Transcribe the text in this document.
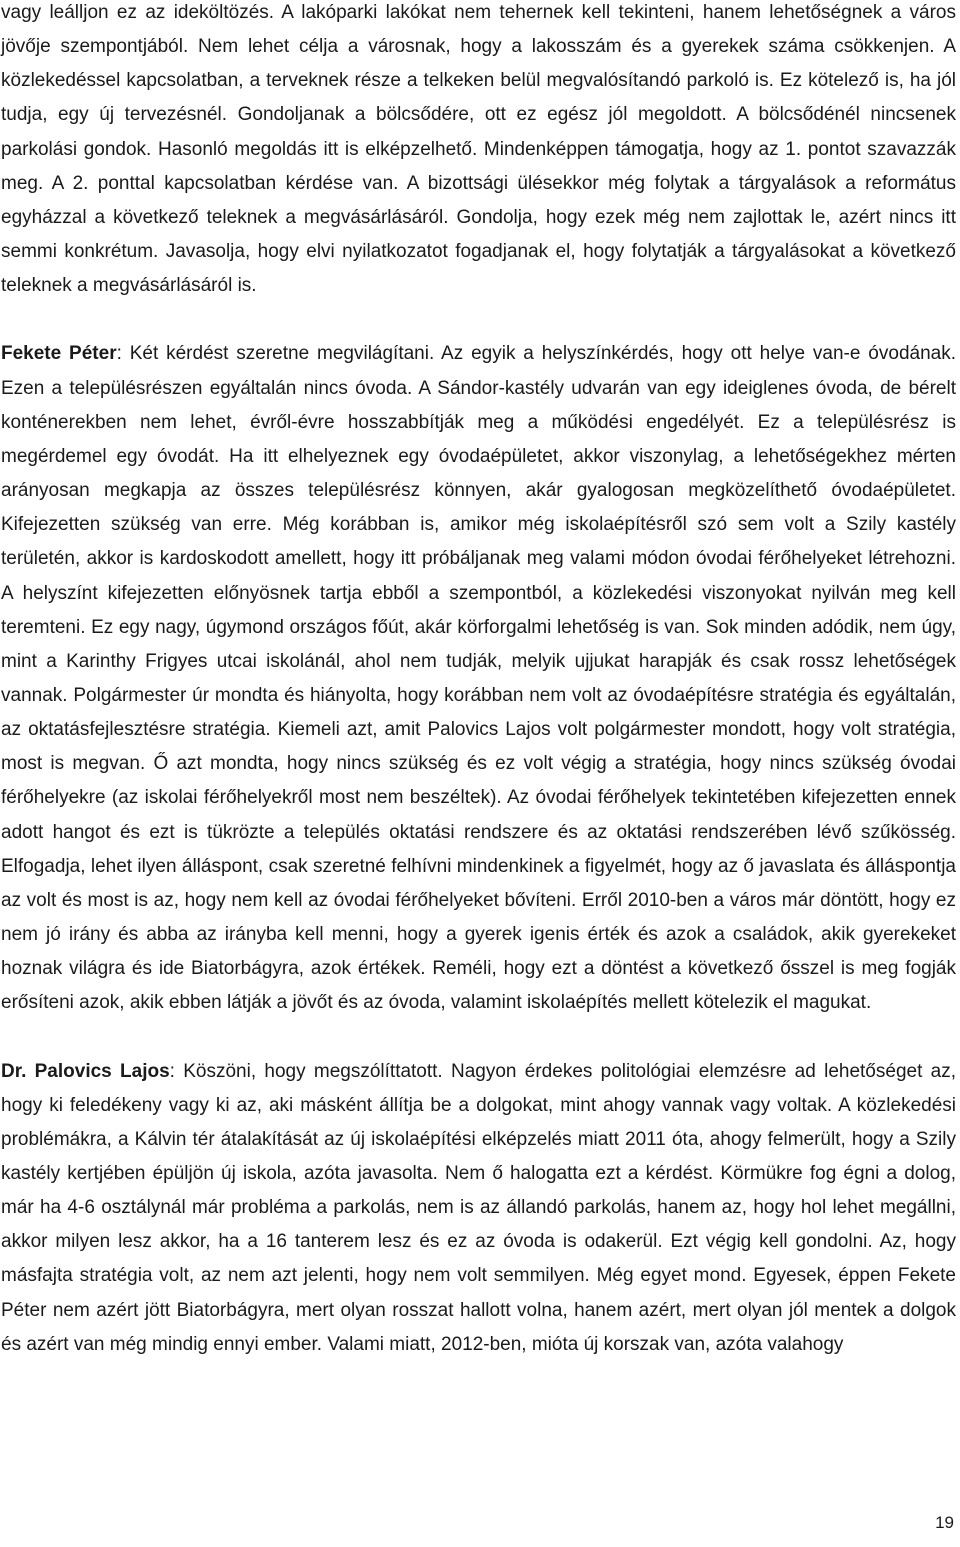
vagy leálljon ez az ideköltözés. A lakóparki lakókat nem tehernek kell tekinteni, hanem lehetőségnek a város jövője szempontjából. Nem lehet célja a városnak, hogy a lakosszám és a gyerekek száma csökkenjen. A közlekedéssel kapcsolatban, a terveknek része a telkeken belül megvalósítandó parkoló is. Ez kötelező is, ha jól tudja, egy új tervezésnél. Gondoljanak a bölcsődére, ott ez egész jól megoldott. A bölcsődénél nincsenek parkolási gondok. Hasonló megoldás itt is elképzelhető. Mindenképpen támogatja, hogy az 1. pontot szavazzák meg. A 2. ponttal kapcsolatban kérdése van. A bizottsági ülésekkor még folytak a tárgyalások a református egyházzal a következő teleknek a megvásárlásáról. Gondolja, hogy ezek még nem zajlottak le, azért nincs itt semmi konkrétum. Javasolja, hogy elvi nyilatkozatot fogadjanak el, hogy folytatják a tárgyalásokat a következő teleknek a megvásárlásáról is.

Fekete Péter: Két kérdést szeretne megvilágítani. Az egyik a helyszínkérdés, hogy ott helye van-e óvodának. Ezen a településrészen egyáltalán nincs óvoda. A Sándor-kastély udvarán van egy ideiglenes óvoda, de bérelt konténerekben nem lehet, évről-évre hosszabbítják meg a működési engedélyét. Ez a településrész is megérdemel egy óvodát. Ha itt elhelyeznek egy óvodaépületet, akkor viszonylag, a lehetőségekhez mérten arányosan megkapja az összes településrész könnyen, akár gyalogosan megközelíthető óvodaépületet. Kifejezetten szükség van erre. Még korábban is, amikor még iskolaépítésről szó sem volt a Szily kastély területén, akkor is kardoskodott amellett, hogy itt próbáljanak meg valami módon óvodai férőhelyeket létrehozni. A helyszínt kifejezetten előnyösnek tartja ebből a szempontból, a közlekedési viszonyokat nyilván meg kell teremteni. Ez egy nagy, úgymond országos főút, akár körforgalmi lehetőség is van. Sok minden adódik, nem úgy, mint a Karinthy Frigyes utcai iskolánál, ahol nem tudják, melyik ujjukat harapják és csak rossz lehetőségek vannak. Polgármester úr mondta és hiányolta, hogy korábban nem volt az óvodaépítésre stratégia és egyáltalán, az oktatásfejlesztésre stratégia. Kiemeli azt, amit Palovics Lajos volt polgármester mondott, hogy volt stratégia, most is megvan. Ő azt mondta, hogy nincs szükség és ez volt végig a stratégia, hogy nincs szükség óvodai férőhelyekre (az iskolai férőhelyekről most nem beszéltek). Az óvodai férőhelyek tekintetében kifejezetten ennek adott hangot és ezt is tükrözte a település oktatási rendszere és az oktatási rendszerében lévő szűkösség. Elfogadja, lehet ilyen álláspont, csak szeretné felhívni mindenkinek a figyelmét, hogy az ő javaslata és álláspontja az volt és most is az, hogy nem kell az óvodai férőhelyeket bővíteni. Erről 2010-ben a város már döntött, hogy ez nem jó irány és abba az irányba kell menni, hogy a gyerek igenis érték és azok a családok, akik gyerekeket hoznak világra és ide Biatorbágyra, azok értékek. Reméli, hogy ezt a döntést a következő ősszel is meg fogják erősíteni azok, akik ebben látják a jövőt és az óvoda, valamint iskolaépítés mellett kötelezik el magukat.

Dr. Palovics Lajos: Köszöni, hogy megszólíttatott. Nagyon érdekes politológiai elemzésre ad lehetőséget az, hogy ki feledékeny vagy ki az, aki másként állítja be a dolgokat, mint ahogy vannak vagy voltak. A közlekedési problémákra, a Kálvin tér átalakítását az új iskolaépítési elképzelés miatt 2011 óta, ahogy felmerült, hogy a Szily kastély kertjében épüljön új iskola, azóta javasolta. Nem ő halogatta ezt a kérdést. Körmükre fog égni a dolog, már ha 4-6 osztálynál már probléma a parkolás, nem is az állandó parkolás, hanem az, hogy hol lehet megállni, akkor milyen lesz akkor, ha a 16 tanterem lesz és ez az óvoda is odakerül. Ezt végig kell gondolni. Az, hogy másfajta stratégia volt, az nem azt jelenti, hogy nem volt semmilyen. Még egyet mond. Egyesek, éppen Fekete Péter nem azért jött Biatorbágyra, mert olyan rosszat hallott volna, hanem azért, mert olyan jól mentek a dolgok és azért van még mindig ennyi ember. Valami miatt, 2012-ben, mióta új korszak van, azóta valahogy

19
